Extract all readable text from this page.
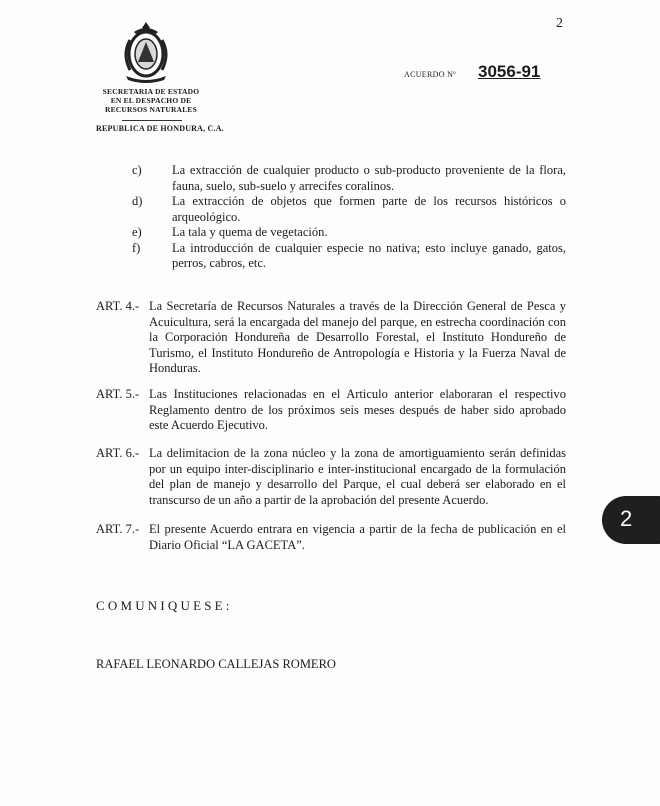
2
SECRETARIA DE ESTADO
EN EL DESPACHO DE
RECURSOS NATURALES
REPUBLICA DE HONDURA, C.A.
ACUERDO Nº 3056-91
c)	La extracción de cualquier producto o sub-producto proveniente de la flora, fauna, suelo, sub-suelo y arrecifes coralinos.
d)	La extracción de objetos que formen parte de los recursos históricos o arqueológico.
e)	La tala y quema de vegetación.
f)	La introducción de cualquier especie no nativa; esto incluye ganado, gatos, perros, cabros, etc.
ART. 4.- La Secretaría de Recursos Naturales a través de la Dirección General de Pesca y Acuicultura, será la encargada del manejo del parque, en estrecha coordinación con la Corporación Hondureña de Desarrollo Forestal, el Instituto Hondureño de Turismo, el Instituto Hondureño de Antropología e Historia y la Fuerza Naval de Honduras.
ART. 5.- Las Instituciones relacionadas en el Articulo anterior elaboraran el respectivo Reglamento dentro de los próximos seis meses después de haber sido aprobado este Acuerdo Ejecutivo.
ART. 6.- La delimitacion de la zona núcleo y la zona de amortiguamiento serán definidas por un equipo inter-disciplinario e inter-institucional encargado de la formulación del plan de manejo y desarrollo del Parque, el cual deberá ser elaborado en el transcurso de un año a partir de la aprobación del presente Acuerdo.
ART. 7.- El presente Acuerdo entrara en vigencia a partir de la fecha de publicación en el Diario Oficial “LA GACETA”.
COMUNIQUESE:
RAFAEL LEONARDO CALLEJAS ROMERO
2
